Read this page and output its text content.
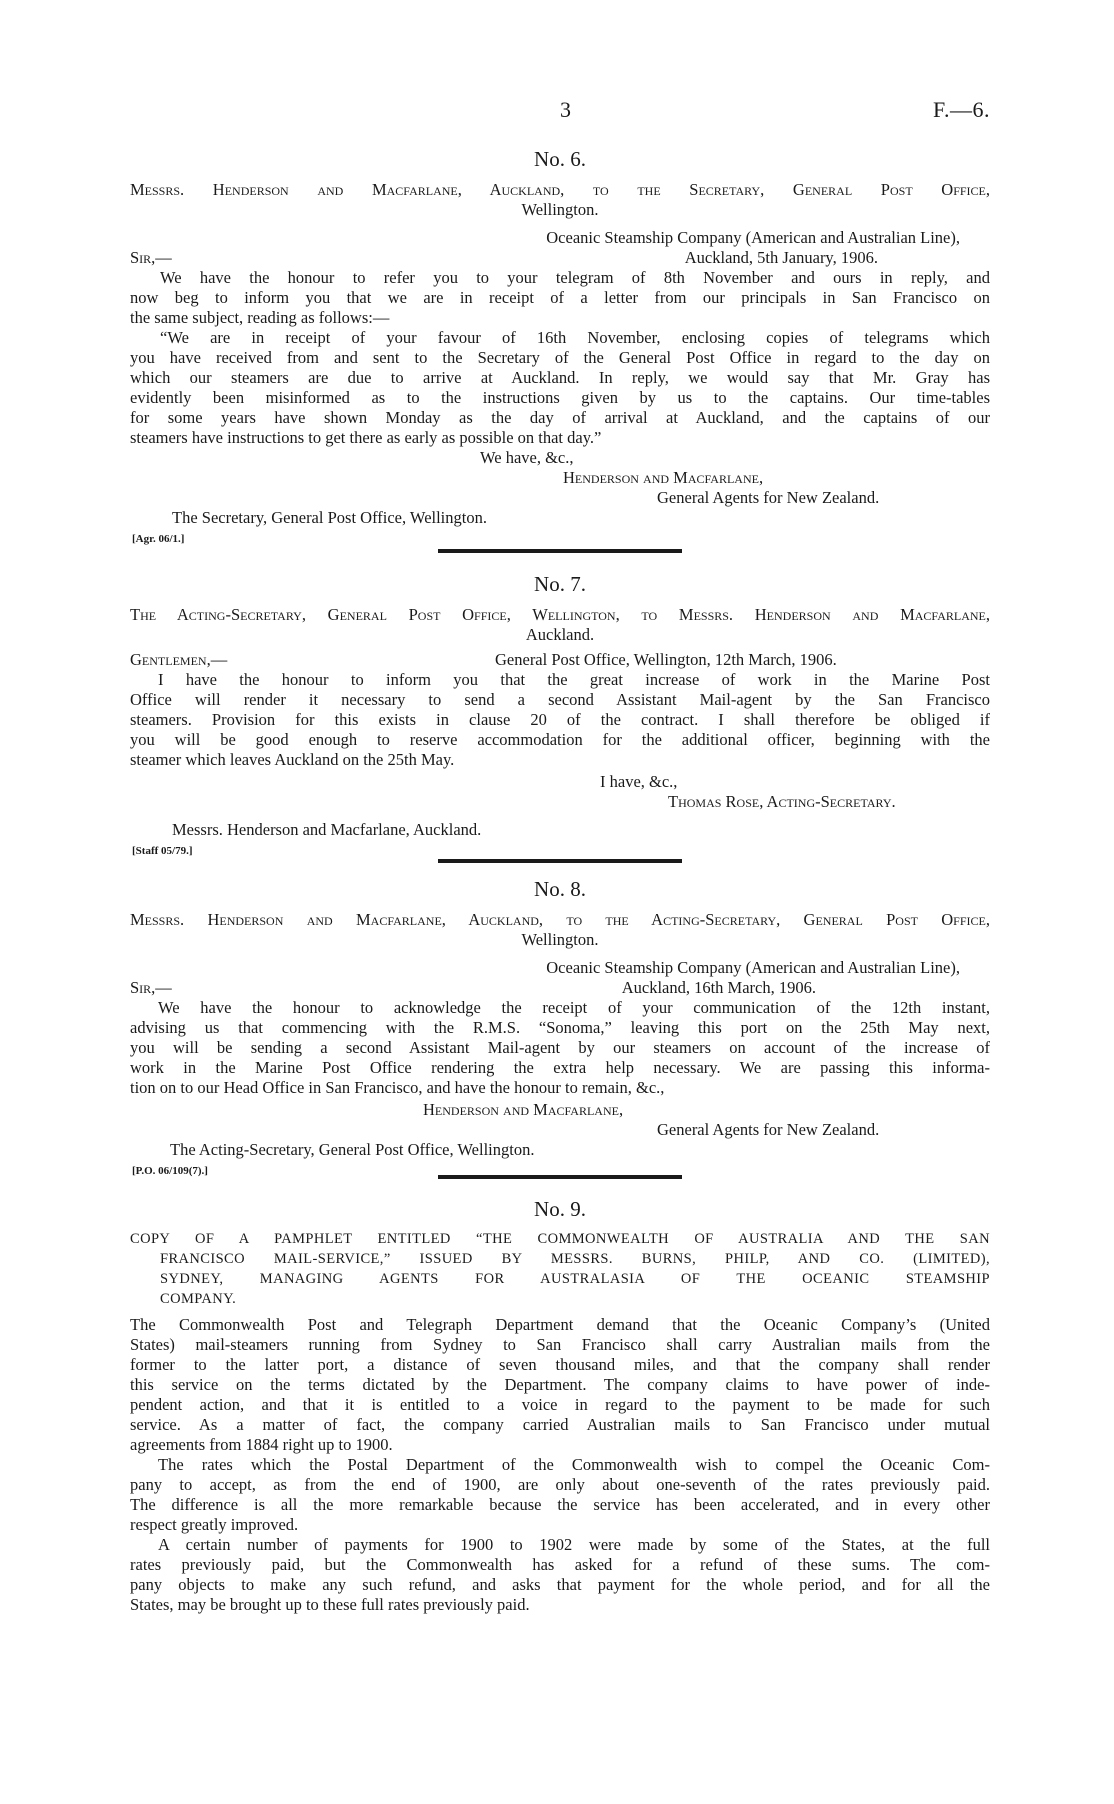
3	F.—6.
No. 6.
Messrs. Henderson and Macfarlane, Auckland, to the Secretary, General Post Office,
Wellington.
Oceanic Steamship Company (American and Australian Line),
Sir,—	Auckland, 5th January, 1906.
We have the honour to refer you to your telegram of 8th November and ours in reply, and
now beg to inform you that we are in receipt of a letter from our principals in San Francisco on
the same subject, reading as follows:—
“We are in receipt of your favour of 16th November, enclosing copies of telegrams which
you have received from and sent to the Secretary of the General Post Office in regard to the day on
which our steamers are due to arrive at Auckland. In reply, we would say that Mr. Gray has
evidently been misinformed as to the instructions given by us to the captains. Our time-tables
for some years have shown Monday as the day of arrival at Auckland, and the captains of our
steamers have instructions to get there as early as possible on that day.”
We have, &c.,
Henderson and Macfarlane,
General Agents for New Zealand.
The Secretary, General Post Office, Wellington.
[Agr. 06/1.]
No. 7.
The Acting-Secretary, General Post Office, Wellington, to Messrs. Henderson and Macfarlane,
Auckland.
Gentlemen,—	General Post Office, Wellington, 12th March, 1906.
I have the honour to inform you that the great increase of work in the Marine Post
Office will render it necessary to send a second Assistant Mail-agent by the San Francisco
steamers. Provision for this exists in clause 20 of the contract. I shall therefore be obliged if
you will be good enough to reserve accommodation for the additional officer, beginning with the
steamer which leaves Auckland on the 25th May.
I have, &c.,
Thomas Rose, Acting-Secretary.
Messrs. Henderson and Macfarlane, Auckland.
[Staff 05/79.]
No. 8.
Messrs. Henderson and Macfarlane, Auckland, to the Acting-Secretary, General Post Office,
Wellington.
Oceanic Steamship Company (American and Australian Line),
Sir,—	Auckland, 16th March, 1906.
We have the honour to acknowledge the receipt of your communication of the 12th instant,
advising us that commencing with the R.M.S. “Sonoma,” leaving this port on the 25th May next,
you will be sending a second Assistant Mail-agent by our steamers on account of the increase of
work in the Marine Post Office rendering the extra help necessary. We are passing this informa-
tion on to our Head Office in San Francisco, and have the honour to remain, &c.,
Henderson and Macfarlane,
General Agents for New Zealand.
The Acting-Secretary, General Post Office, Wellington.
[P.O. 06/109(7).]
No. 9.
COPY OF A PAMPHLET ENTITLED “THE COMMONWEALTH OF AUSTRALIA AND THE SAN
FRANCISCO MAIL-SERVICE,” ISSUED BY MESSRS. BURNS, PHILP, AND CO. (LIMITED),
SYDNEY, MANAGING AGENTS FOR AUSTRALASIA OF THE OCEANIC STEAMSHIP
COMPANY.
The Commonwealth Post and Telegraph Department demand that the Oceanic Company’s (United
States) mail-steamers running from Sydney to San Francisco shall carry Australian mails from the
former to the latter port, a distance of seven thousand miles, and that the company shall render
this service on the terms dictated by the Department. The company claims to have power of inde-
pendent action, and that it is entitled to a voice in regard to the payment to be made for such
service. As a matter of fact, the company carried Australian mails to San Francisco under mutual
agreements from 1884 right up to 1900.
The rates which the Postal Department of the Commonwealth wish to compel the Oceanic Com-
pany to accept, as from the end of 1900, are only about one-seventh of the rates previously paid.
The difference is all the more remarkable because the service has been accelerated, and in every other
respect greatly improved.
A certain number of payments for 1900 to 1902 were made by some of the States, at the full
rates previously paid, but the Commonwealth has asked for a refund of these sums. The com-
pany objects to make any such refund, and asks that payment for the whole period, and for all the
States, may be brought up to these full rates previously paid.
